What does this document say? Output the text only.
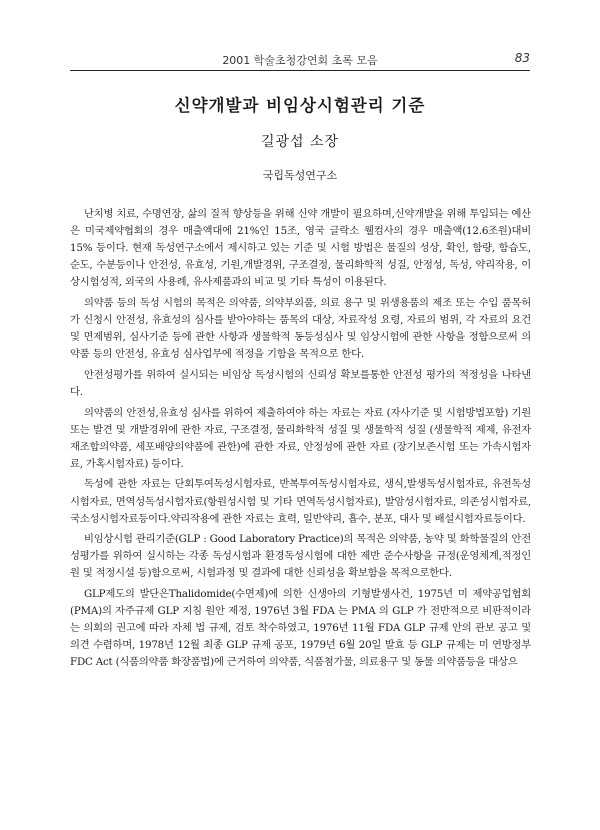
2001 학술초청강연회 초록 모음	83
신약개발과 비임상시험관리 기준
길광섭 소장
국립독성연구소

난치병 치료, 수명연장, 삶의 질적 향상등을 위해 신약 개발이 필요하며,신약개발을 위해 투입되는 예산은 미국제약협회의 경우 매출액대에 21%인 15조, 영국 글락소 웰컴사의 경우 매출액(12.6조원)대비 15% 등이다. 현재 독성연구소에서 제시하고 있는 기준 및 시험 방법은 물질의 성상, 확인, 함량, 함습도, 순도, 수분등이나 안전성, 유효성, 기원,개발경위, 구조결정, 물리화학적 성질, 안정성, 독성, 약리작용, 이상시험성적, 외국의 사용례, 유사제품과의 비교 및 기타 특성이 이용된다.

의약품 등의 독성 시험의 목적은 의약품, 의약부외품, 의료 용구 및 위생용품의 제조 또는 수입 품목허가 신청시 안전성, 유효성의 심사를 받아야하는 품목의 대상, 자료작성 요령, 자료의 범위, 각 자료의 요건 및 면제범위, 심사기준 등에 관한 사항과 생물학적 동등성심사 및 임상시험에 관한 사항을 정함으로써 의약품 등의 안전성, 유효성 심사업무에 적정을 기함을 목적으로 한다.

안전성평가를 위하여 실시되는 비임상 독성시험의 신뢰성 확보를통한 안전성 평가의 적정성을 나타낸다.

의약품의 안전성,유효성 심사를 위하여 제출하여야 하는 자료는 자료 (자사기준 및 시험방법포함) 기원또는 발견 및 개발경위에 관한 자료, 구조결정, 물리화학적 성질 및 생물학적 성질 (생물학적 제제, 유전자 재조합의약품, 세포배양의약품에 관한)에 관한 자료, 안정성에 관한 자료 (장기보존시험 또는 가속시험자료, 가혹시험자료) 등이다.

독성에 관한 자료는 단회투여독성시험자료, 반복투여독성시험자료, 생식,발생독성시험자료, 유전독성시험자료, 면역성독성시험자료(항원성시험 및 기타 면역독성시험자료), 발암성시험자료, 의존성시험자료, 국소성시험자료등이다.약리작용에 관한 자료는 효력, 일반약리, 흡수, 분포, 대사 및 배설시험자료등이다.

비임상시험 관리기준(GLP : Good Laboratory Practice)의 목적은 의약품, 농약 및 화학물질의 안전성평가를 위하여 실시하는 각종 독성시험과 환경독성시험에 대한 제반 준수사항을 규정(운영체계,적정인원 및 적정시설 등)함으로써, 시험과정 및 결과에 대한 신뢰성을 확보함을 목적으로한다.

GLP제도의 발단은Thalidomide(수면제)에 의한 신생아의 기형발생사건, 1975년 미 제약공업협회(PMA)의 자주규제 GLP 지침 원안 제정, 1976년 3월 FDA 는 PMA 의 GLP 가 전반적으로 비판적이라는 의회의 권고에 따라 자체 법 규제, 검토 착수하였고, 1976년 11월 FDA GLP 규제 안의 관보 공고 및 의견 수렴하며, 1978년 12월 최종 GLP 규제 공포, 1979년 6월 20일 발효 등 GLP 규제는 미 연방정부 FDC Act (식품의약품 화장품법)에 근거하여 의약품, 식품첨가물, 의료용구 및 동물 의약품등을 대상으
